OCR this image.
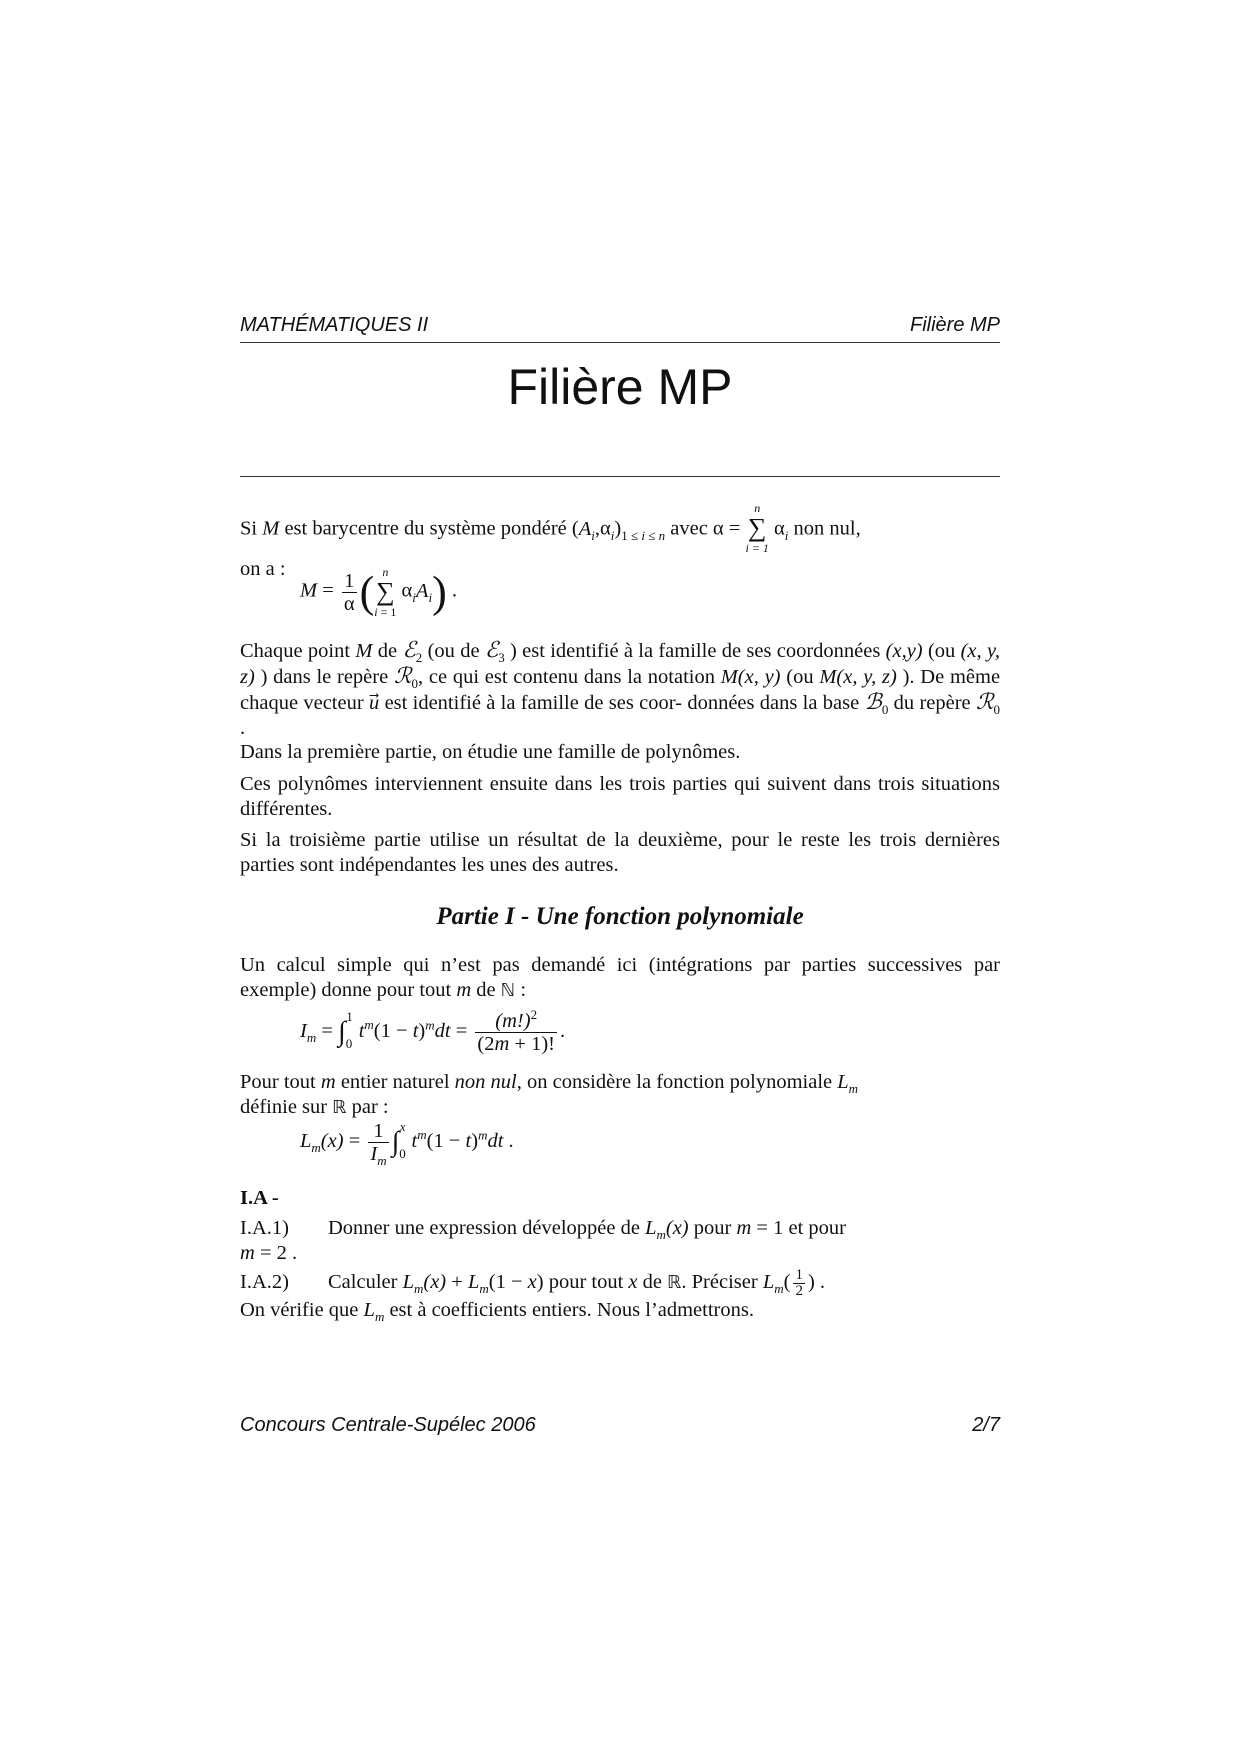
MATHÉMATIQUES II	Filière MP
Filière MP
Si M est barycentre du système pondéré $(A_i,\alpha_i)_{1 \le i \le n}$ avec α = n
∑
i = 1 $\alpha_i$ non nul,
on a :
$M = \frac{1}{\alpha}$ ( n
∑
i = 1 $\alpha_iA_i$) .
Chaque point M de ℰ$_2$ (ou de ℰ$_3$ ) est identifié à la famille de ses coordonnées (x,y) (ou (x, y, z) ) dans le repère ℛ$_0$, ce qui est contenu dans la notation M(x, y) (ou M(x, y, z) ). De même chaque vecteur u⃗ est identifié à la famille de ses coor- données dans la base ℬ$_0$ du repère ℛ$_0$ .
Dans la première partie, on étudie une famille de polynômes.
Ces polynômes interviennent ensuite dans les trois parties qui suivent dans trois situations différentes.
Si la troisième partie utilise un résultat de la deuxième, pour le reste les trois dernières parties sont indépendantes les unes des autres.
Partie I - Une fonction polynomiale
Un calcul simple qui n’est pas demandé ici (intégrations par parties successives par exemple) donne pour tout m de ℕ :
$I_m = \int_0^1t^m(1 - t)^mdt = \frac{(m!)^2}{(2m + 1)!}$ .
Pour tout m entier naturel non nul, on considère la fonction polynomiale $L_m$
définie sur ℝ par :
$L_m(x) = \frac{1}{I_m} \int_0^xt^m(1 - t)^mdt$ .
I.A -
I.A.1) Donner une expression développée de $L_m(x)$ pour m = 1 et pour
m = 2 .
I.A.2) Calculer $L_m(x) + L_m(1 - x)$ pour tout x de ℝ. Préciser $L_m( \frac{1}{2}$ ) .
On vérifie que $L_m$ est à coefficients entiers. Nous l’admettrons.
Concours Centrale-Supélec 2006	2/7
